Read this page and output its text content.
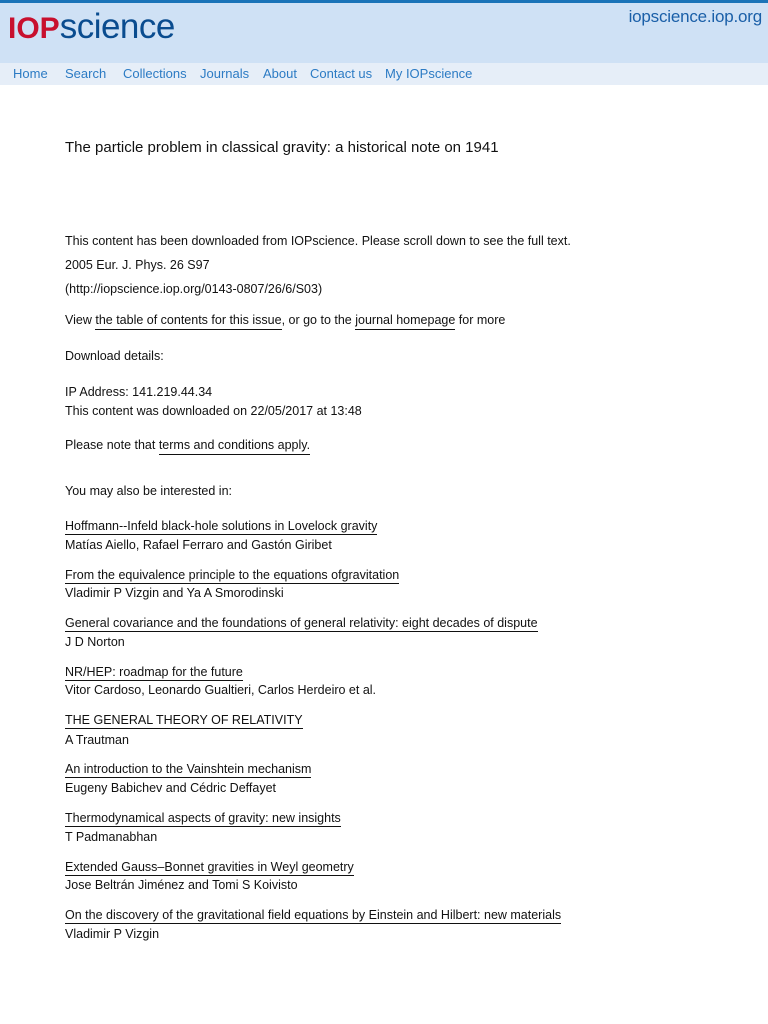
IOPscience	iopscience.iop.org
Home Search Collections Journals About Contact us My IOPscience
The particle problem in classical gravity: a historical note on 1941
This content has been downloaded from IOPscience. Please scroll down to see the full text.
2005 Eur. J. Phys. 26 S97
(http://iopscience.iop.org/0143-0807/26/6/S03)
View the table of contents for this issue, or go to the journal homepage for more
Download details:
IP Address: 141.219.44.34
This content was downloaded on 22/05/2017 at 13:48
Please note that terms and conditions apply.
You may also be interested in:
Hoffmann--Infeld black-hole solutions in Lovelock gravity
Matías Aiello, Rafael Ferraro and Gastón Giribet
From the equivalence principle to the equations ofgravitation
Vladimir P Vizgin and Ya A Smorodinski
General covariance and the foundations of general relativity: eight decades of dispute
J D Norton
NR/HEP: roadmap for the future
Vitor Cardoso, Leonardo Gualtieri, Carlos Herdeiro et al.
THE GENERAL THEORY OF RELATIVITY
A Trautman
An introduction to the Vainshtein mechanism
Eugeny Babichev and Cédric Deffayet
Thermodynamical aspects of gravity: new insights
T Padmanabhan
Extended Gauss–Bonnet gravities in Weyl geometry
Jose Beltrán Jiménez and Tomi S Koivisto
On the discovery of the gravitational field equations by Einstein and Hilbert: new materials
Vladimir P Vizgin
